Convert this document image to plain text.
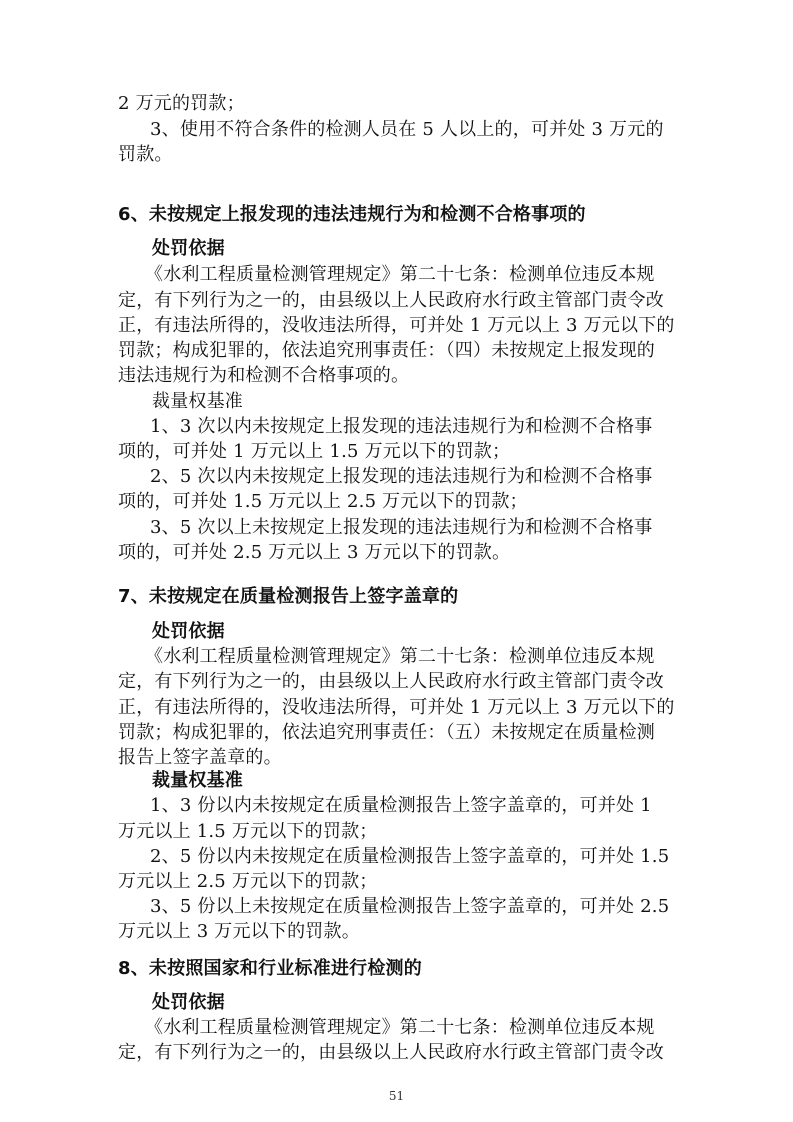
2 万元的罚款；
3、使用不符合条件的检测人员在 5 人以上的，可并处 3 万元的
罚款。
6、未按规定上报发现的违法违规行为和检测不合格事项的
处罚依据
《水利工程质量检测管理规定》第二十七条：检测单位违反本规
定，有下列行为之一的，由县级以上人民政府水行政主管部门责令改
正，有违法所得的，没收违法所得，可并处 1 万元以上 3 万元以下的
罚款；构成犯罪的，依法追究刑事责任：（四）未按规定上报发现的
违法违规行为和检测不合格事项的。
裁量权基准
1、3 次以内未按规定上报发现的违法违规行为和检测不合格事
项的，可并处 1 万元以上 1.5 万元以下的罚款；
2、5 次以内未按规定上报发现的违法违规行为和检测不合格事
项的，可并处 1.5 万元以上 2.5 万元以下的罚款；
3、5 次以上未按规定上报发现的违法违规行为和检测不合格事
项的，可并处 2.5 万元以上 3 万元以下的罚款。
7、未按规定在质量检测报告上签字盖章的
处罚依据
《水利工程质量检测管理规定》第二十七条：检测单位违反本规
定，有下列行为之一的，由县级以上人民政府水行政主管部门责令改
正，有违法所得的，没收违法所得，可并处 1 万元以上 3 万元以下的
罚款；构成犯罪的，依法追究刑事责任：（五）未按规定在质量检测
报告上签字盖章的。
裁量权基准
1、3 份以内未按规定在质量检测报告上签字盖章的，可并处 1
万元以上 1.5 万元以下的罚款；
2、5 份以内未按规定在质量检测报告上签字盖章的，可并处 1.5
万元以上 2.5 万元以下的罚款；
3、5 份以上未按规定在质量检测报告上签字盖章的，可并处 2.5
万元以上 3 万元以下的罚款。
8、未按照国家和行业标准进行检测的
处罚依据
《水利工程质量检测管理规定》第二十七条：检测单位违反本规
定，有下列行为之一的，由县级以上人民政府水行政主管部门责令改
51
